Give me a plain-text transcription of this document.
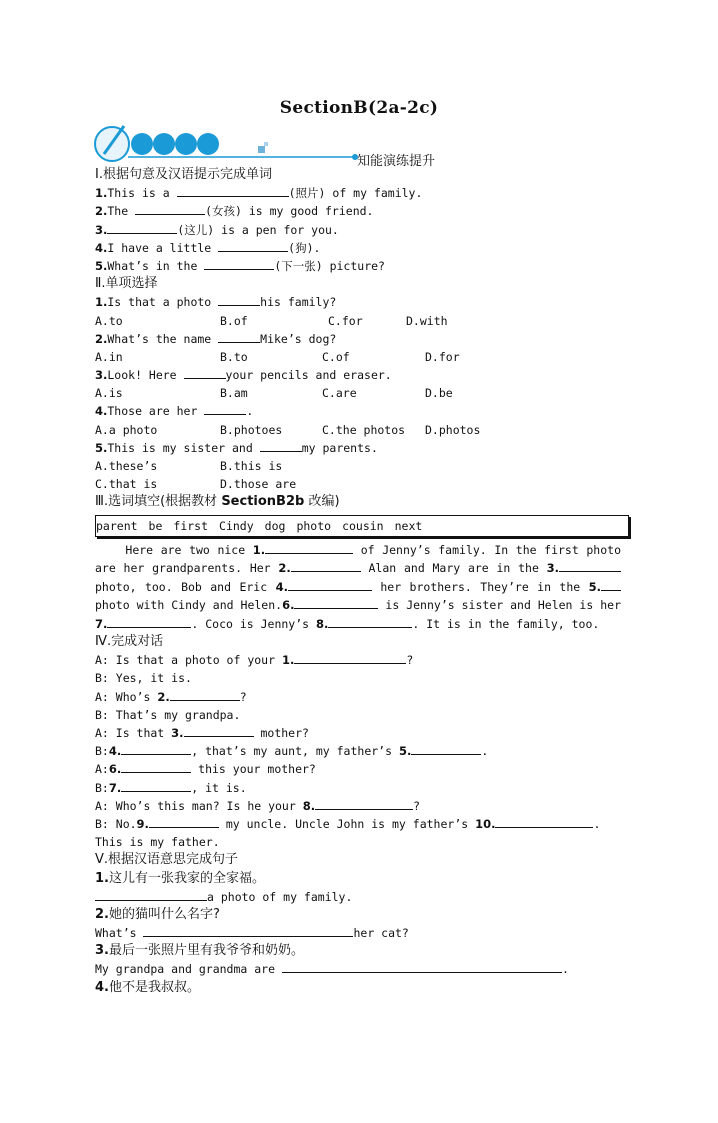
SectionB(2a-2c)
知能演练提升
Ⅰ.根据句意及汉语提示完成单词
1.This is a	(照片) of my family.
2.The	(女孩) is my good friend.
3.	(这儿) is a pen for you.
4.I have a little	(狗).
5.What’s in the	(下一张) picture?
Ⅱ.单项选择
1.Is that a photo	his family?
A.to	B.of	C.for	D.with
2.What’s the name	Mike’s dog?
A.in	B.to	C.of	D.for
3.Look! Here	your pencils and eraser.
A.is	B.am	C.are	D.be
4.Those are her	.
A.a photo	B.photoes	C.the photos	D.photos
5.This is my sister and	my parents.
A.these’s	B.this is
C.that is	D.those are
Ⅲ.选词填空(根据教材 SectionB2b 改编)
parent be first Cindy dog photo cousin next
Here are two nice 1.	of Jenny’s family. In the first photo are her grandparents. Her 2.	Alan and Mary are in the 3. photo, too. Bob and Eric 4.	her brothers. They’re in the 5. photo with Cindy and Helen.6.	is Jenny’s sister and Helen is her 7.	. Coco is Jenny’s 8.	. It is in the family, too.
Ⅳ.完成对话
A: Is that a photo of your 1.	?
B: Yes, it is.
A: Who’s 2.	?
B: That’s my grandpa.
A: Is that 3.	mother?
B:4.	, that’s my aunt, my father’s 5.	.
A:6.	this your mother?
B:7.	, it is.
A: Who’s this man? Is he your 8.	?
B: No.9.	my uncle. Uncle John is my father’s 10.	.
This is my father.
Ⅴ.根据汉语意思完成句子
1.这儿有一张我家的全家福。
a photo of my family.
2.她的猫叫什么名字?
What’s	her cat?
3.最后一张照片里有我爷爷和奶奶。
My grandpa and grandma are	.
4.他不是我叔叔。
